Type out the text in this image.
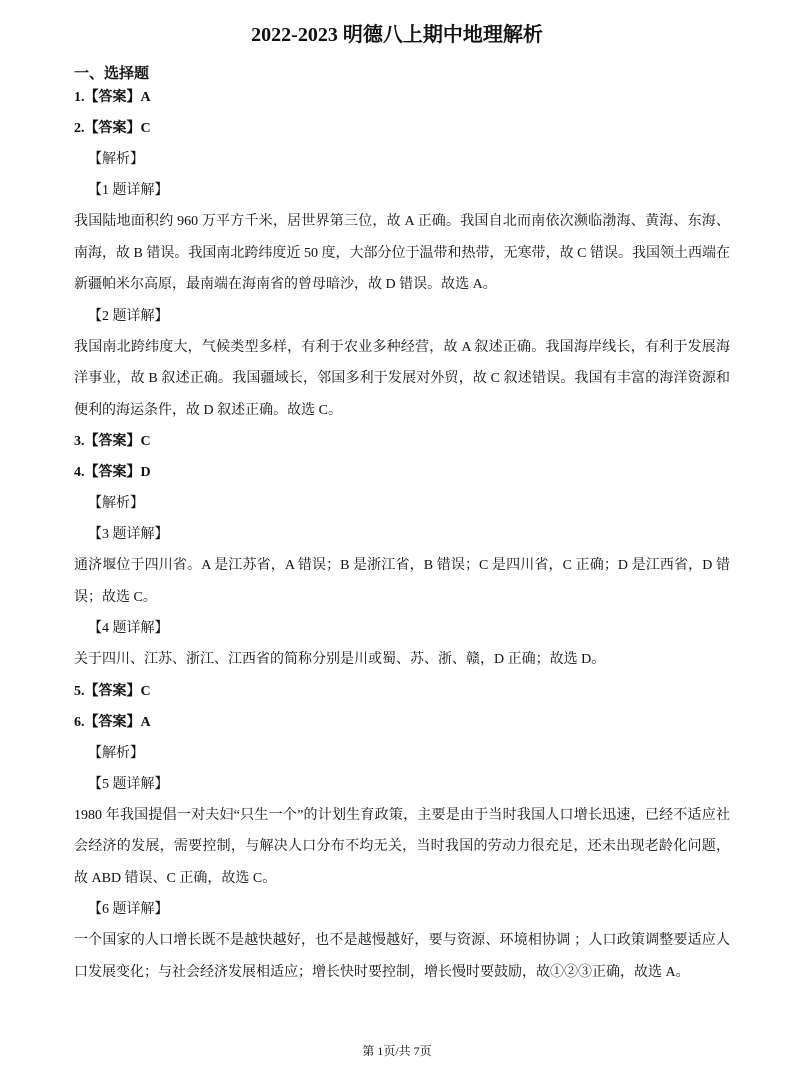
2022-2023 明德八上期中地理解析
一、选择题
1.【答案】A
2.【答案】C
【解析】
【1 题详解】
我国陆地面积约 960 万平方千米，居世界第三位，故 A 正确。我国自北而南依次濒临渤海、黄海、东海、南海，故 B 错误。我国南北跨纬度近 50 度，大部分位于温带和热带，无寒带，故 C 错误。我国领土西端在新疆帕米尔高原，最南端在海南省的曾母暗沙，故 D 错误。故选 A。
【2 题详解】
我国南北跨纬度大，气候类型多样，有利于农业多种经营，故 A 叙述正确。我国海岸线长，有利于发展海洋事业，故 B 叙述正确。我国疆域长，邻国多利于发展对外贸，故 C 叙述错误。我国有丰富的海洋资源和便利的海运条件，故 D 叙述正确。故选 C。
3.【答案】C
4.【答案】D
【解析】
【3 题详解】
通济堰位于四川省。A 是江苏省，A 错误；B 是浙江省，B 错误；C 是四川省，C 正确；D 是江西省，D 错误；故选 C。
【4 题详解】
关于四川、江苏、浙江、江西省的简称分别是川或蜀、苏、浙、赣，D 正确；故选 D。
5.【答案】C
6.【答案】A
【解析】
【5 题详解】
1980 年我国提倡一对夫妇“只生一个”的计划生育政策，主要是由于当时我国人口增长迅速，已经不适应社会经济的发展，需要控制，与解决人口分布不均无关，当时我国的劳动力很充足，还未出现老龄化问题，故 ABD 错误、C 正确，故选 C。
【6 题详解】
一个国家的人口增长既不是越快越好，也不是越慢越好，要与资源、环境相协调 ；人口政策调整要适应人口发展变化；与社会经济发展相适应；增长快时要控制，增长慢时要鼓励，故①②③正确，故选 A。
第 1页/共 7页
